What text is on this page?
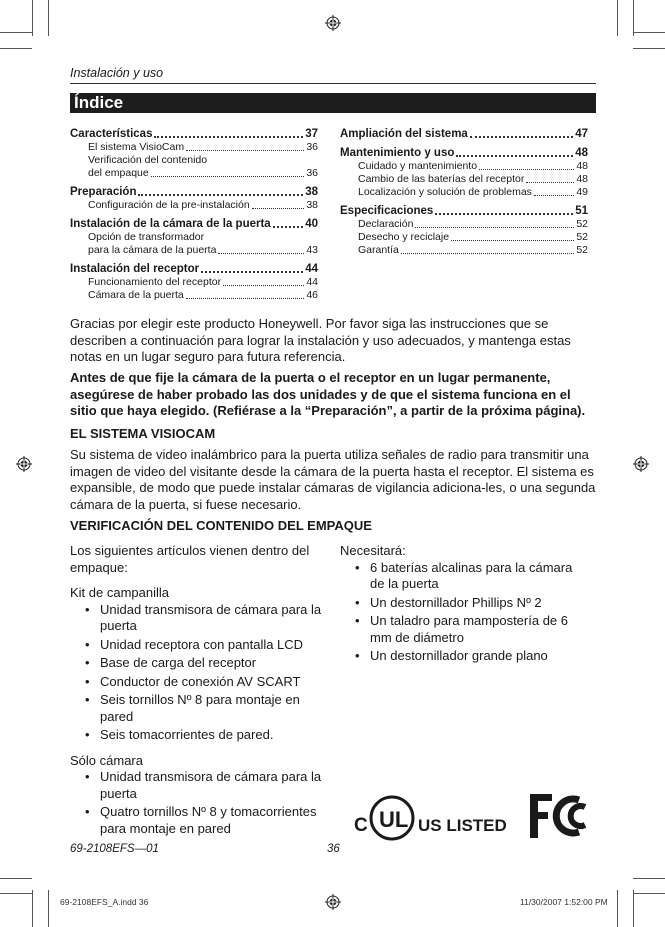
Instalación y uso
Índice
Características	37
El sistema VisioCam	36
Verificación del contenido
del empaque	36
Preparación	38
Configuración de la pre-instalación	38
Instalación de la cámara de la puerta	40
Opción de transformador
para la cámara de la puerta	43
Instalación del receptor	44
Funcionamiento del receptor	44
Cámara de la puerta	46
Ampliación del sistema	47
Mantenimiento y uso	48
Cuidado y mantenimiento	48
Cambio de las baterías del receptor	48
Localización y solución de problemas	49
Especificaciones	51
Declaración	52
Desecho y reciclaje	52
Garantía	52
Gracias por elegir este producto Honeywell. Por favor siga las instrucciones que se describen a continuación para lograr la instalación y uso adecuados, y mantenga estas notas en un lugar seguro para futura referencia.
Antes de que fije la cámara de la puerta o el receptor en un lugar permanente, asegúrese de haber probado las dos unidades y de que el sistema funciona en el sitio que haya elegido. (Refiérase a la “Preparación”, a partir de la próxima página).
EL SISTEMA VISIOCAM
Su sistema de video inalámbrico para la puerta utiliza señales de radio para transmitir una imagen de video del visitante desde la cámara de la puerta hasta el receptor. El sistema es expansible, de modo que puede instalar cámaras de vigilancia adiciona-les, o una segunda cámara de la puerta, si fuese necesario.
VERIFICACIÓN DEL CONTENIDO DEL EMPAQUE
Los siguientes artículos vienen dentro del empaque:
Kit de campanilla
• Unidad transmisora de cámara para la puerta
• Unidad receptora con pantalla LCD
• Base de carga del receptor
• Conductor de conexión AV SCART
• Seis tornillos Nº 8 para montaje en pared
• Seis tomacorrientes de pared.
Sólo cámara
• Unidad transmisora de cámara para la puerta
• Quatro tornillos Nº 8 y tomacorrientes para montaje en pared
Necesitará:
• 6 baterías alcalinas para la cámara de la puerta
• Un destornillador Phillips Nº 2
• Un taladro para mampostería de 6 mm de diámetro
• Un destornillador grande plano
C UL US LISTED
FC
69-2108EFS—01	36
69-2108EFS_A.indd 36	11/30/2007 1:52:00 PM
